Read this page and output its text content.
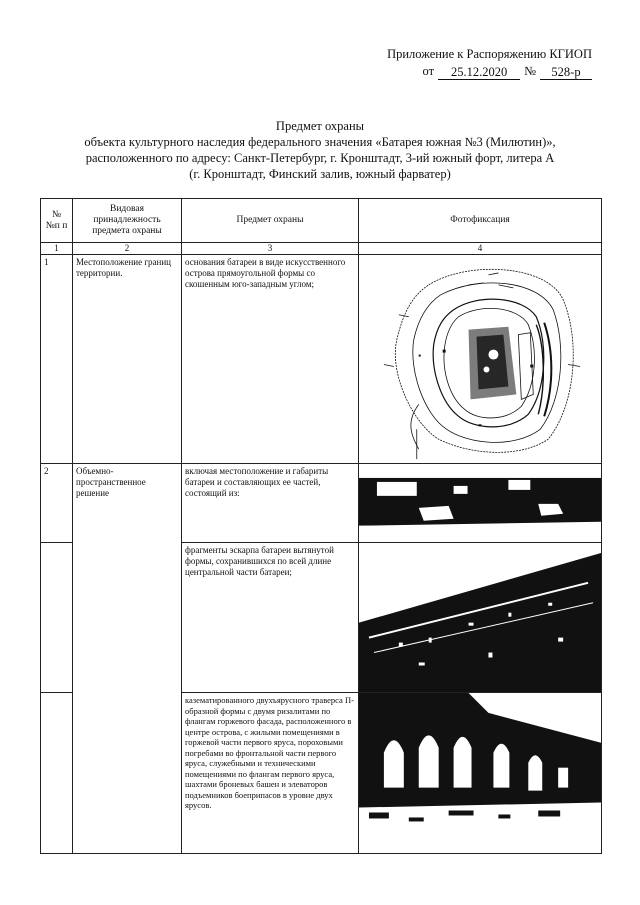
Приложение к Распоряжению КГИОП
от	25.12.2020	№	528-р
Предмет охраны
объекта культурного наследия федерального значения «Батарея южная №3 (Милютин)»,
расположенного по адресу: Санкт-Петербург, г. Кронштадт, 3-ий южный форт, литера А
(г. Кронштадт, Финский залив, южный фарватер)
№ №п п	Видовая принадлежность предмета охраны	Предмет охраны	Фотофиксация

1	2	3	4

1	Местоположение границ территории.	основания батареи в виде искусственного острова прямоугольной формы со скошенным юго-западным углом;

2	Объемно-пространственное решение	включая местоположение и габариты батареи и составляющих ее частей, состоящий из:

		фрагменты эскарпа батареи вытянутой формы, сохранившихся по всей длине центральной части батареи;

		казематированного двухъярусного траверса П-образной формы с двумя ризалитами по флангам горжевого фасада, расположенного в центре острова, с жилыми помещениями в горжевой части первого яруса, пороховыми погребами во фронтальной части первого яруса, служебными и техническими помещениями по флангам первого яруса, шахтами броневых башен и элеваторов подъемников боеприпасов в уровне двух ярусов.
